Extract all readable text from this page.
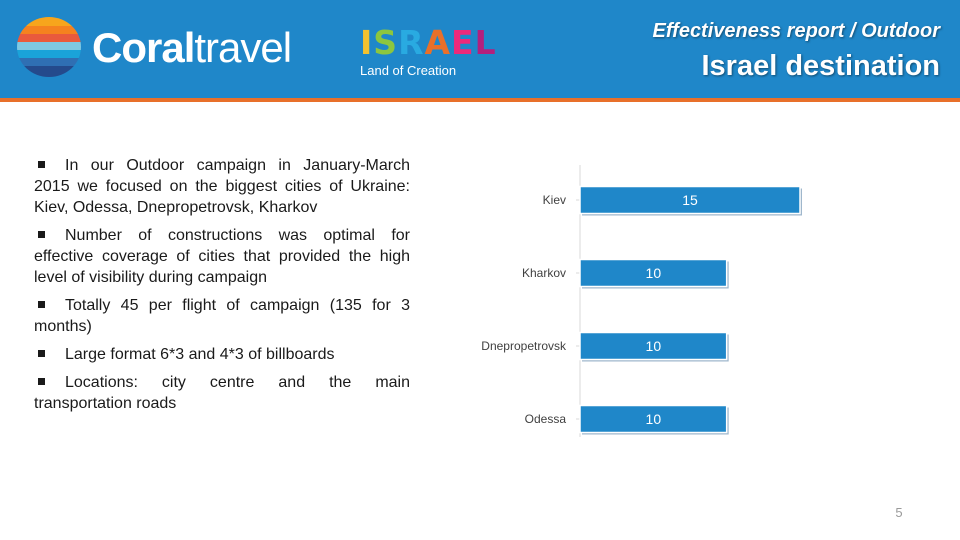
Coraltravel ISRAEL
Land of Creation
Effectiveness report / Outdoor
Israel destination
In our Outdoor campaign in January-March 2015 we focused on the biggest cities of Ukraine: Kiev, Odessa, Dnepropetrovsk, Kharkov
Number of constructions was optimal for effective coverage of cities that provided the high level of visibility during campaign
Totally 45 per flight of campaign (135 for 3 months)
Large format 6*3 and 4*3 of billboards
Locations: city centre and the main transportation roads
Kiev	15
Kharkov	10
Dnepropetrovsk	10
Odessa	10
5
